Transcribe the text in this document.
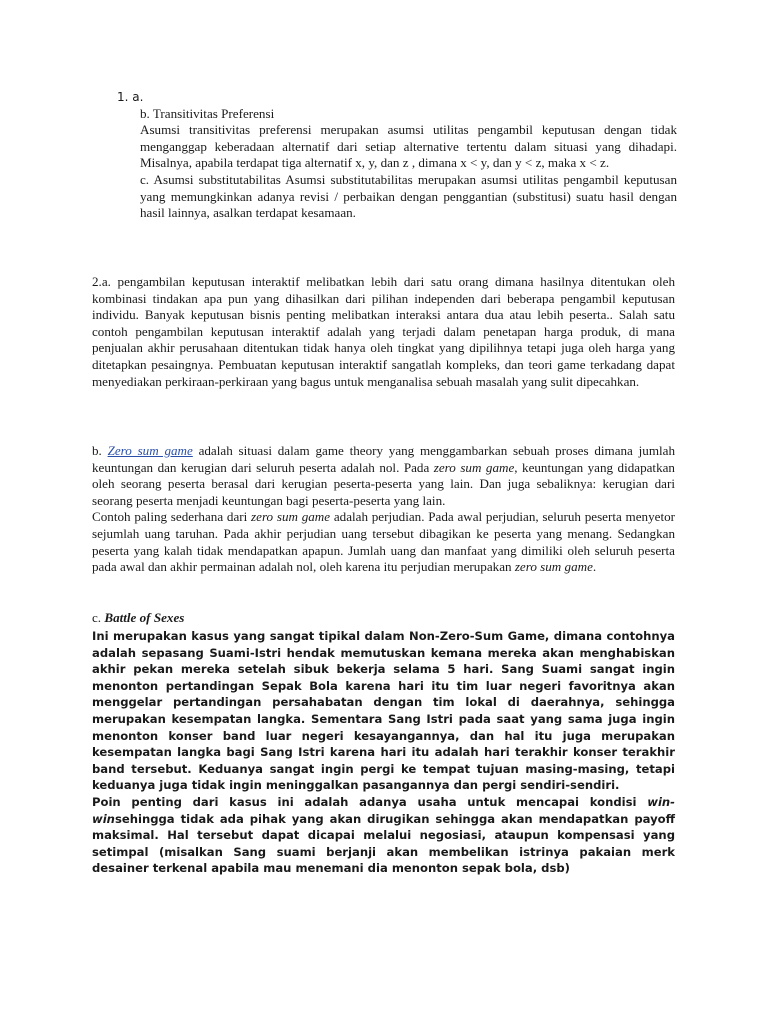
1. a.

b. Transitivitas Preferensi

Asumsi transitivitas preferensi merupakan asumsi utilitas pengambil keputusan dengan tidak menganggap keberadaan alternatif dari setiap alternative tertentu dalam situasi yang dihadapi. Misalnya, apabila terdapat tiga alternatif x, y, dan z , dimana x < y, dan y < z, maka x < z.

c. Asumsi substitutabilitas Asumsi substitutabilitas merupakan asumsi utilitas pengambil keputusan yang memungkinkan adanya revisi / perbaikan dengan penggantian (substitusi) suatu hasil dengan hasil lainnya, asalkan terdapat kesamaan.

2.a. pengambilan keputusan interaktif melibatkan lebih dari satu orang dimana hasilnya ditentukan oleh kombinasi tindakan apa pun yang dihasilkan dari pilihan independen dari beberapa pengambil keputusan individu. Banyak keputusan bisnis penting melibatkan interaksi antara dua atau lebih peserta.. Salah satu contoh pengambilan keputusan interaktif adalah yang terjadi dalam penetapan harga produk, di mana penjualan akhir perusahaan ditentukan tidak hanya oleh tingkat yang dipilihnya tetapi juga oleh harga yang ditetapkan pesaingnya. Pembuatan keputusan interaktif sangatlah kompleks, dan teori game terkadang dapat menyediakan perkiraan-perkiraan yang bagus untuk menganalisa sebuah masalah yang sulit dipecahkan.

b. Zero sum game adalah situasi dalam game theory yang menggambarkan sebuah proses dimana jumlah keuntungan dan kerugian dari seluruh peserta adalah nol. Pada zero sum game, keuntungan yang didapatkan oleh seorang peserta berasal dari kerugian peserta-peserta yang lain. Dan juga sebaliknya: kerugian dari seorang peserta menjadi keuntungan bagi peserta-peserta yang lain.

Contoh paling sederhana dari zero sum game adalah perjudian. Pada awal perjudian, seluruh peserta menyetor sejumlah uang taruhan. Pada akhir perjudian uang tersebut dibagikan ke peserta yang menang. Sedangkan peserta yang kalah tidak mendapatkan apapun. Jumlah uang dan manfaat yang dimiliki oleh seluruh peserta pada awal dan akhir permainan adalah nol, oleh karena itu perjudian merupakan zero sum game.

c. Battle of Sexes

Ini merupakan kasus yang sangat tipikal dalam Non-Zero-Sum Game, dimana contohnya adalah sepasang Suami-Istri hendak memutuskan kemana mereka akan menghabiskan akhir pekan mereka setelah sibuk bekerja selama 5 hari. Sang Suami sangat ingin menonton pertandingan Sepak Bola karena hari itu tim luar negeri favoritnya akan menggelar pertandingan persahabatan dengan tim lokal di daerahnya, sehingga merupakan kesempatan langka. Sementara Sang Istri pada saat yang sama juga ingin menonton konser band luar negeri kesayangannya, dan hal itu juga merupakan kesempatan langka bagi Sang Istri karena hari itu adalah hari terakhir konser terakhir band tersebut. Keduanya sangat ingin pergi ke tempat tujuan masing-masing, tetapi keduanya juga tidak ingin meninggalkan pasangannya dan pergi sendiri-sendiri.

Poin penting dari kasus ini adalah adanya usaha untuk mencapai kondisi win-winsehingga tidak ada pihak yang akan dirugikan sehingga akan mendapatkan payoff maksimal. Hal tersebut dapat dicapai melalui negosiasi, ataupun kompensasi yang setimpal (misalkan Sang suami berjanji akan membelikan istrinya pakaian merk desainer terkenal apabila mau menemani dia menonton sepak bola, dsb)
